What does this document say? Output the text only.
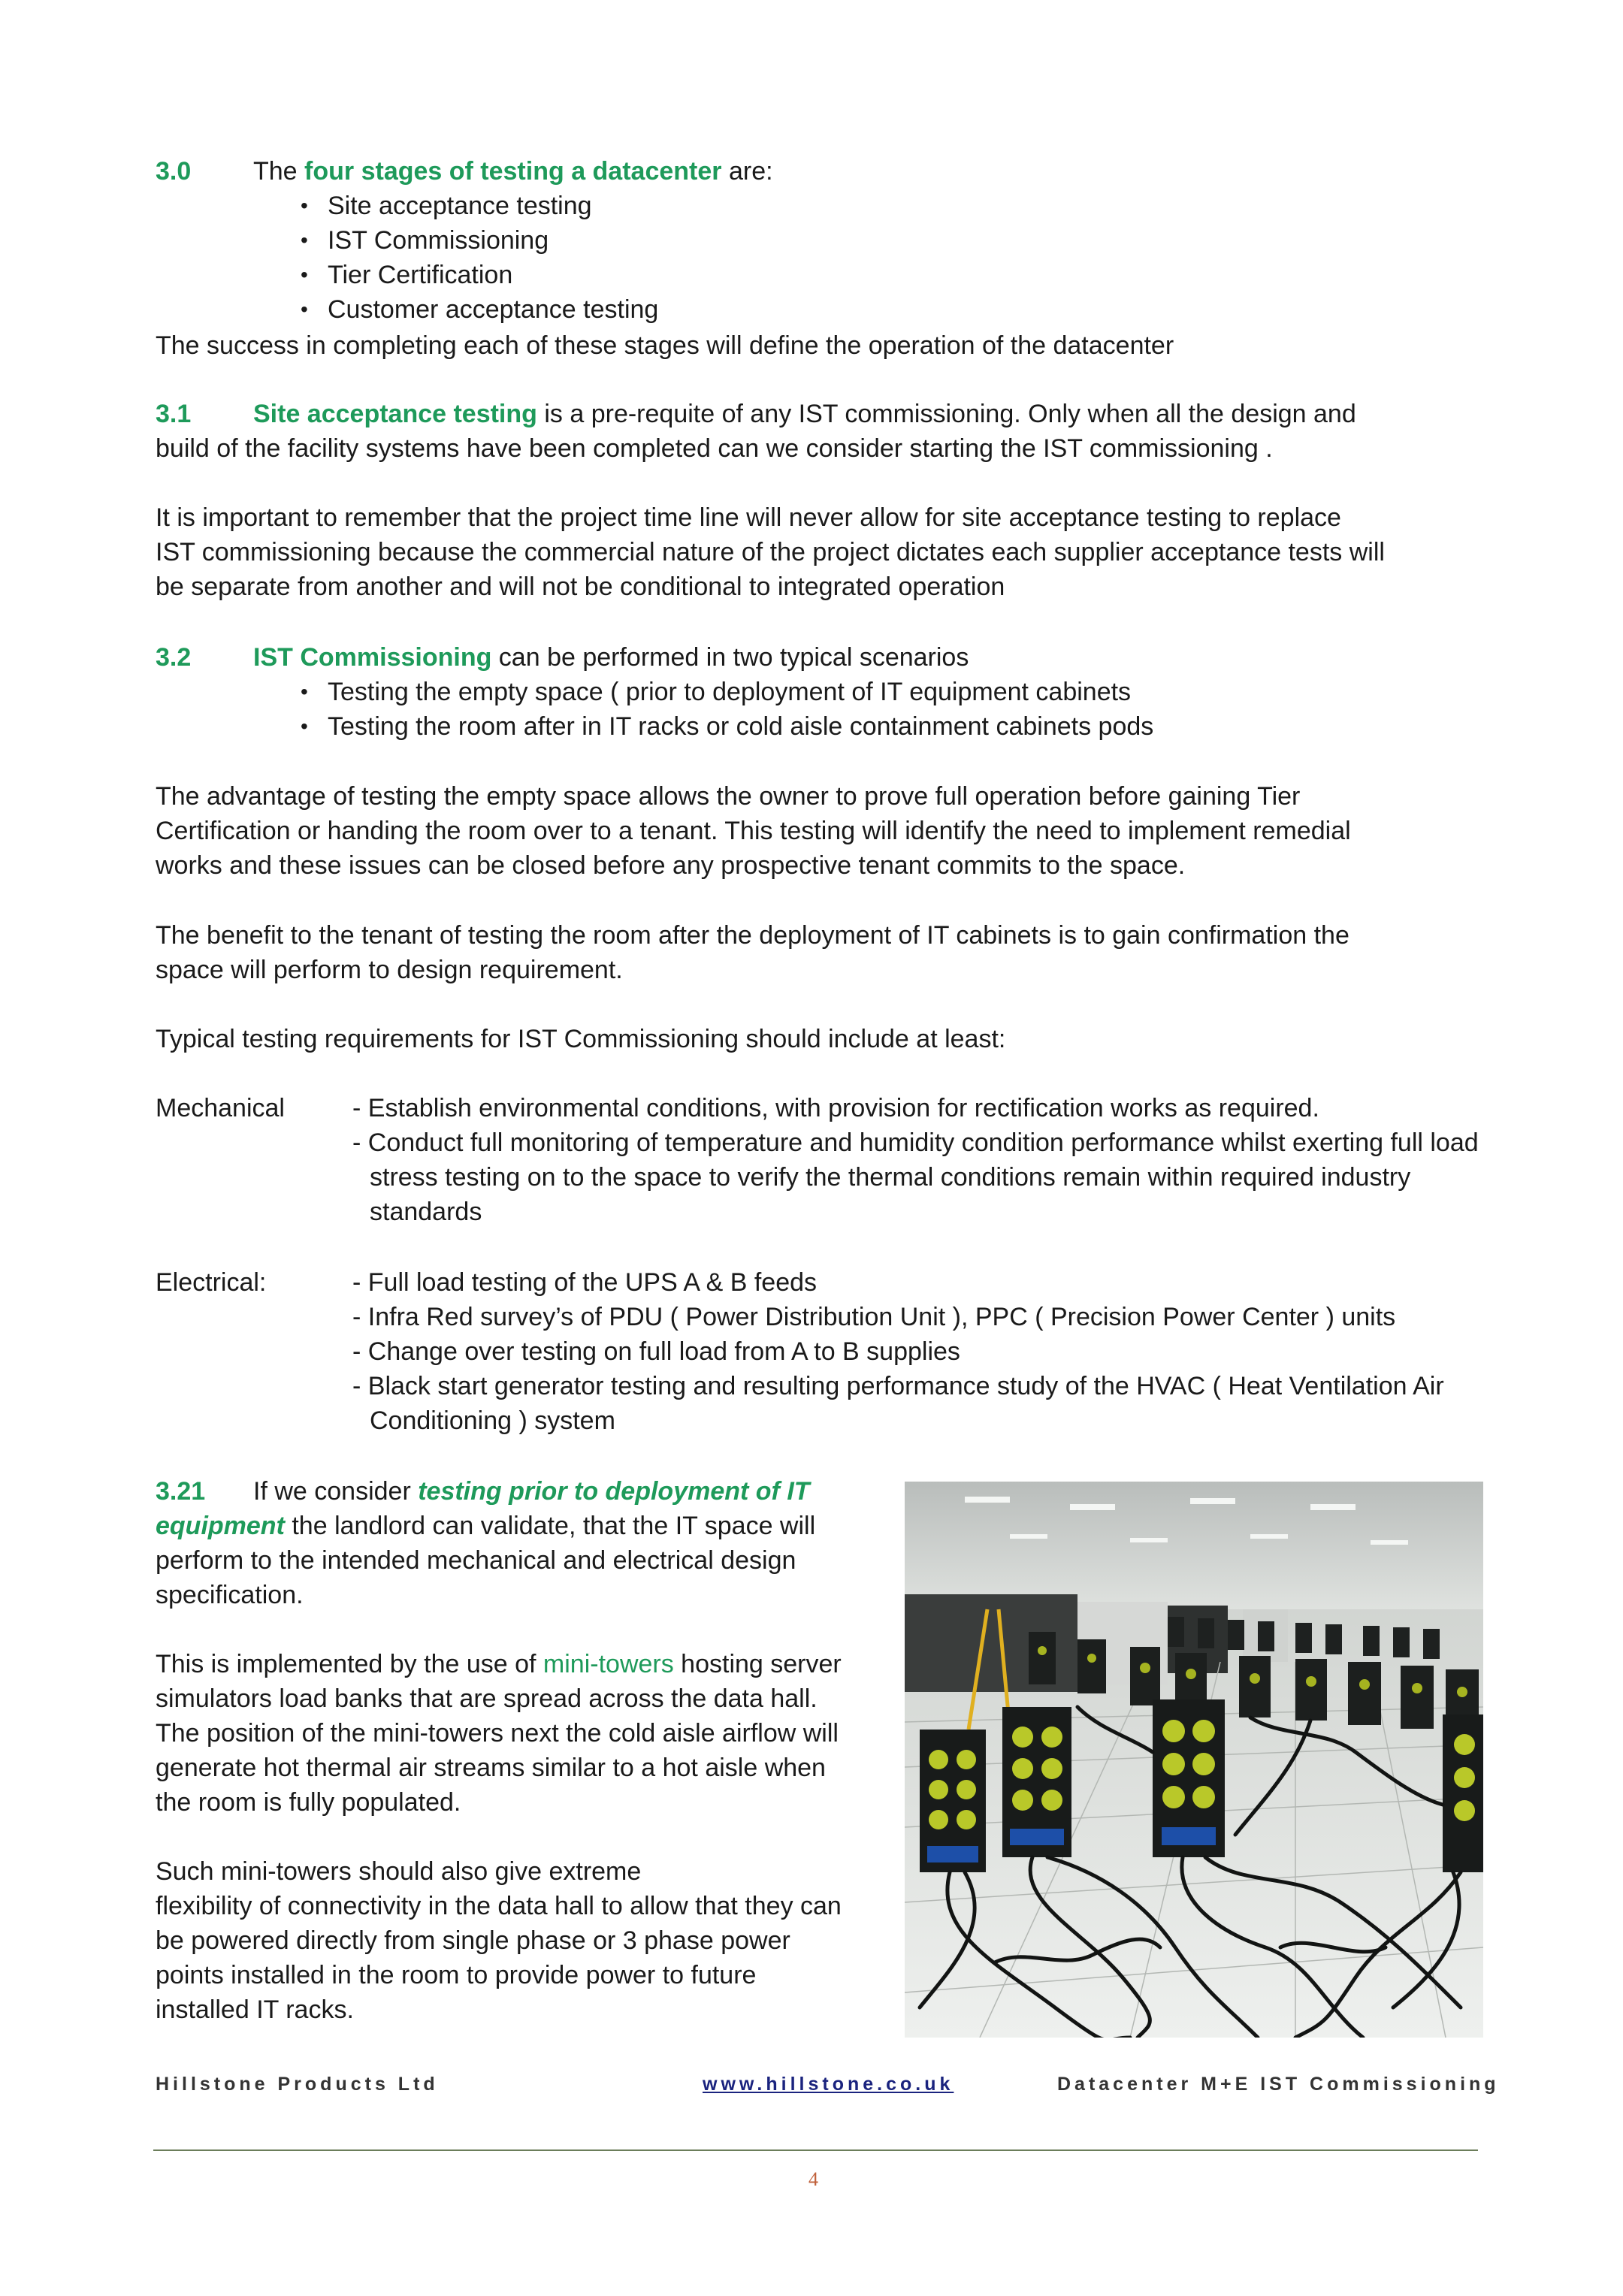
3.0 The four stages of testing a datacenter are:

• Site acceptance testing
• IST Commissioning
• Tier Certification
• Customer acceptance testing

The success in completing each of these stages will define the operation of the datacenter

3.1 Site acceptance testing is a pre-requite of any IST commissioning. Only when all the design and
build of the facility systems have been completed can we consider starting the IST commissioning .
It is important to remember that the project time line will never allow for site acceptance testing to replace
IST commissioning because the commercial nature of the project dictates each supplier acceptance tests will
be separate from another and will not be conditional to integrated operation

3.2 IST Commissioning can be performed in two typical scenarios

• Testing the empty space ( prior to deployment of IT equipment cabinets
• Testing the room after in IT racks or cold aisle containment cabinets pods
The advantage of testing the empty space allows the owner to prove full operation before gaining Tier
Certification or handing the room over to a tenant. This testing will identify the need to implement remedial
works and these issues can be closed before any prospective tenant commits to the space.
The benefit to the tenant of testing the room after the deployment of IT cabinets is to gain confirmation the
space will perform to design requirement.

Typical testing requirements for IST Commissioning should include at least:

Mechanical	- Establish environmental conditions, with provision for rectification works as required.
- Conduct full monitoring of temperature and humidity condition performance whilst exerting full load stress testing on to the space to verify the thermal conditions remain within required industry standards

Electrical:	- Full load testing of the UPS A & B feeds
- Infra Red survey’s of PDU ( Power Distribution Unit ), PPC ( Precision Power Center ) units
- Change over testing on full load from A to B supplies
- Black start generator testing and resulting performance study of the HVAC ( Heat Ventilation Air Conditioning ) system
3.21 If we consider testing prior to deployment of IT
equipment the landlord can validate, that the IT space will
perform to the intended mechanical and electrical design
specification.
This is implemented by the use of mini-towers hosting server
simulators load banks that are spread across the data hall.
The position of the mini-towers next the cold aisle airflow will
generate hot thermal air streams similar to a hot aisle when
the room is fully populated.
Such mini-towers should also give extreme
flexibility of connectivity in the data hall to allow that they can
be powered directly from single phase or 3 phase power
points installed in the room to provide power to future
installed IT racks.
Hillstone Products Ltd	www.hillstone.co.uk	Datacenter M+E IST Commissioning
4
